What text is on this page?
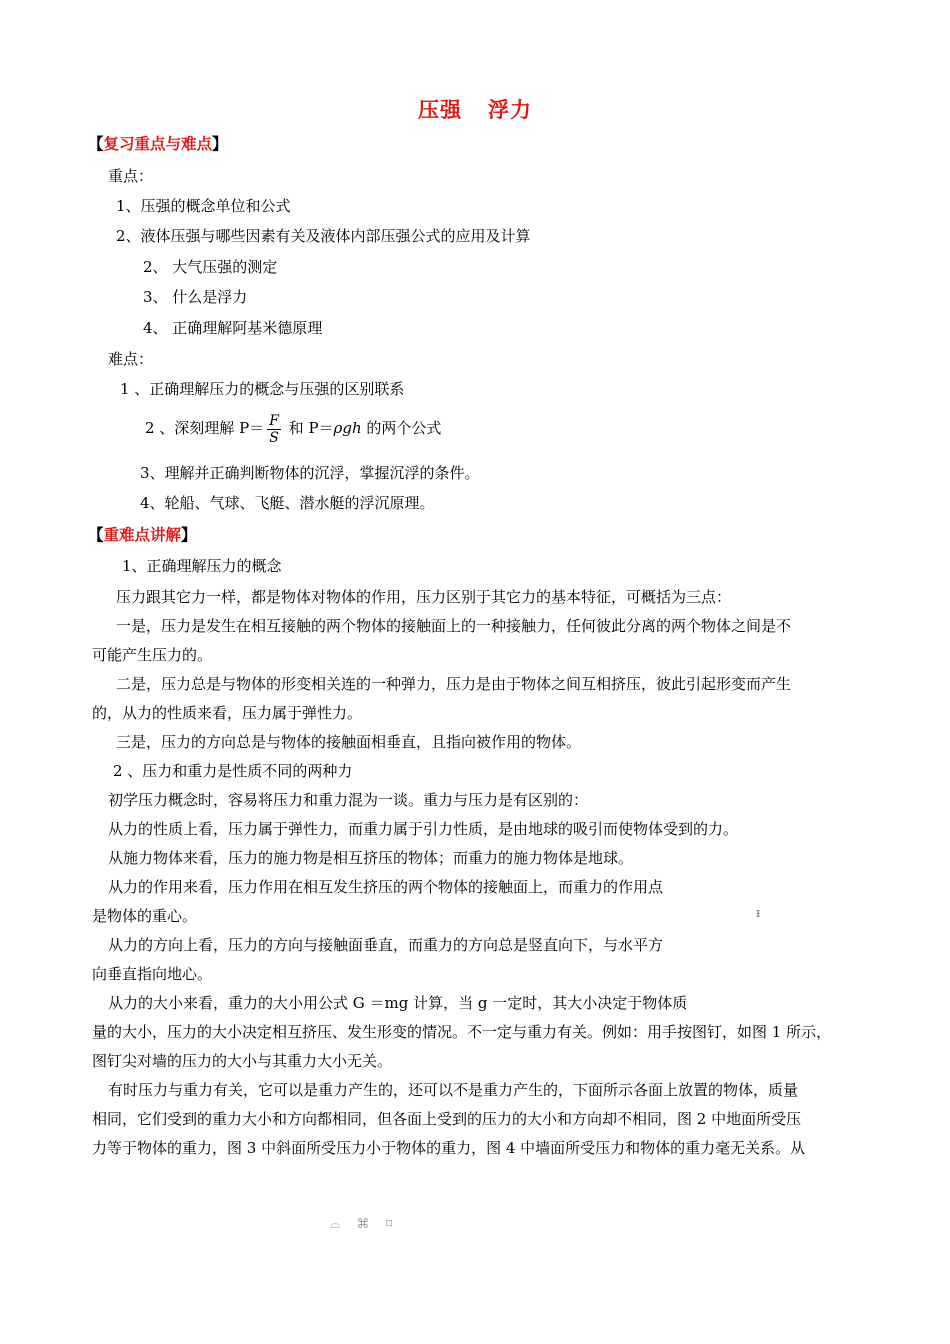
压强 浮力
【复习重点与难点】
重点：
1、压强的概念单位和公式
2、液体压强与哪些因素有关及液体内部压强公式的应用及计算
2、 大气压强的测定
3、 什么是浮力
4、 正确理解阿基米德原理
难点：
1 、正确理解压力的概念与压强的区别联系
2 、深刻理解 $P= \frac{F}{S}$ 和 P＝ρgh 的两个公式
3、理解并正确判断物体的沉浮，掌握沉浮的条件。
4、轮船、气球、飞艇、潜水艇的浮沉原理。
【重难点讲解】
1、正确理解压力的概念
压力跟其它力一样，都是物体对物体的作用，压力区别于其它力的基本特征，可概括为三点：
一是，压力是发生在相互接触的两个物体的接触面上的一种接触力，任何彼此分离的两个物体之间是不
可能产生压力的。
二是，压力总是与物体的形变相关连的一种弹力，压力是由于物体之间互相挤压，彼此引起形变而产生
的，从力的性质来看，压力属于弹性力。
三是，压力的方向总是与物体的接触面相垂直，且指向被作用的物体。
2 、压力和重力是性质不同的两种力
初学压力概念时，容易将压力和重力混为一谈。重力与压力是有区别的：
从力的性质上看，压力属于弹性力，而重力属于引力性质，是由地球的吸引而使物体受到的力。
从施力物体来看，压力的施力物是相互挤压的物体；而重力的施力物体是地球。
从力的作用来看，压力作用在相互发生挤压的两个物体的接触面上，而重力的作用点
是物体的重心。
从力的方向上看，压力的方向与接触面垂直，而重力的方向总是竖直向下，与水平方
向垂直指向地心。
从力的大小来看，重力的大小用公式 G ＝mg 计算，当 g 一定时，其大小决定于物体质
量的大小，压力的大小决定相互挤压、发生形变的情况。不一定与重力有关。例如：用手按图钉，如图 1 所示，
图钉尖对墙的压力的大小与其重力大小无关。
有时压力与重力有关，它可以是重力产生的，还可以不是重力产生的，下面所示各面上放置的物体，质量
相同，它们受到的重力大小和方向都相同，但各面上受到的压力的大小和方向却不相同，图 2 中地面所受压
力等于物体的重力，图 3 中斜面所受压力小于物体的重力，图 4 中墙面所受压力和物体的重力毫无关系。从
ᵻ
⌓ ⌘ ⌑
